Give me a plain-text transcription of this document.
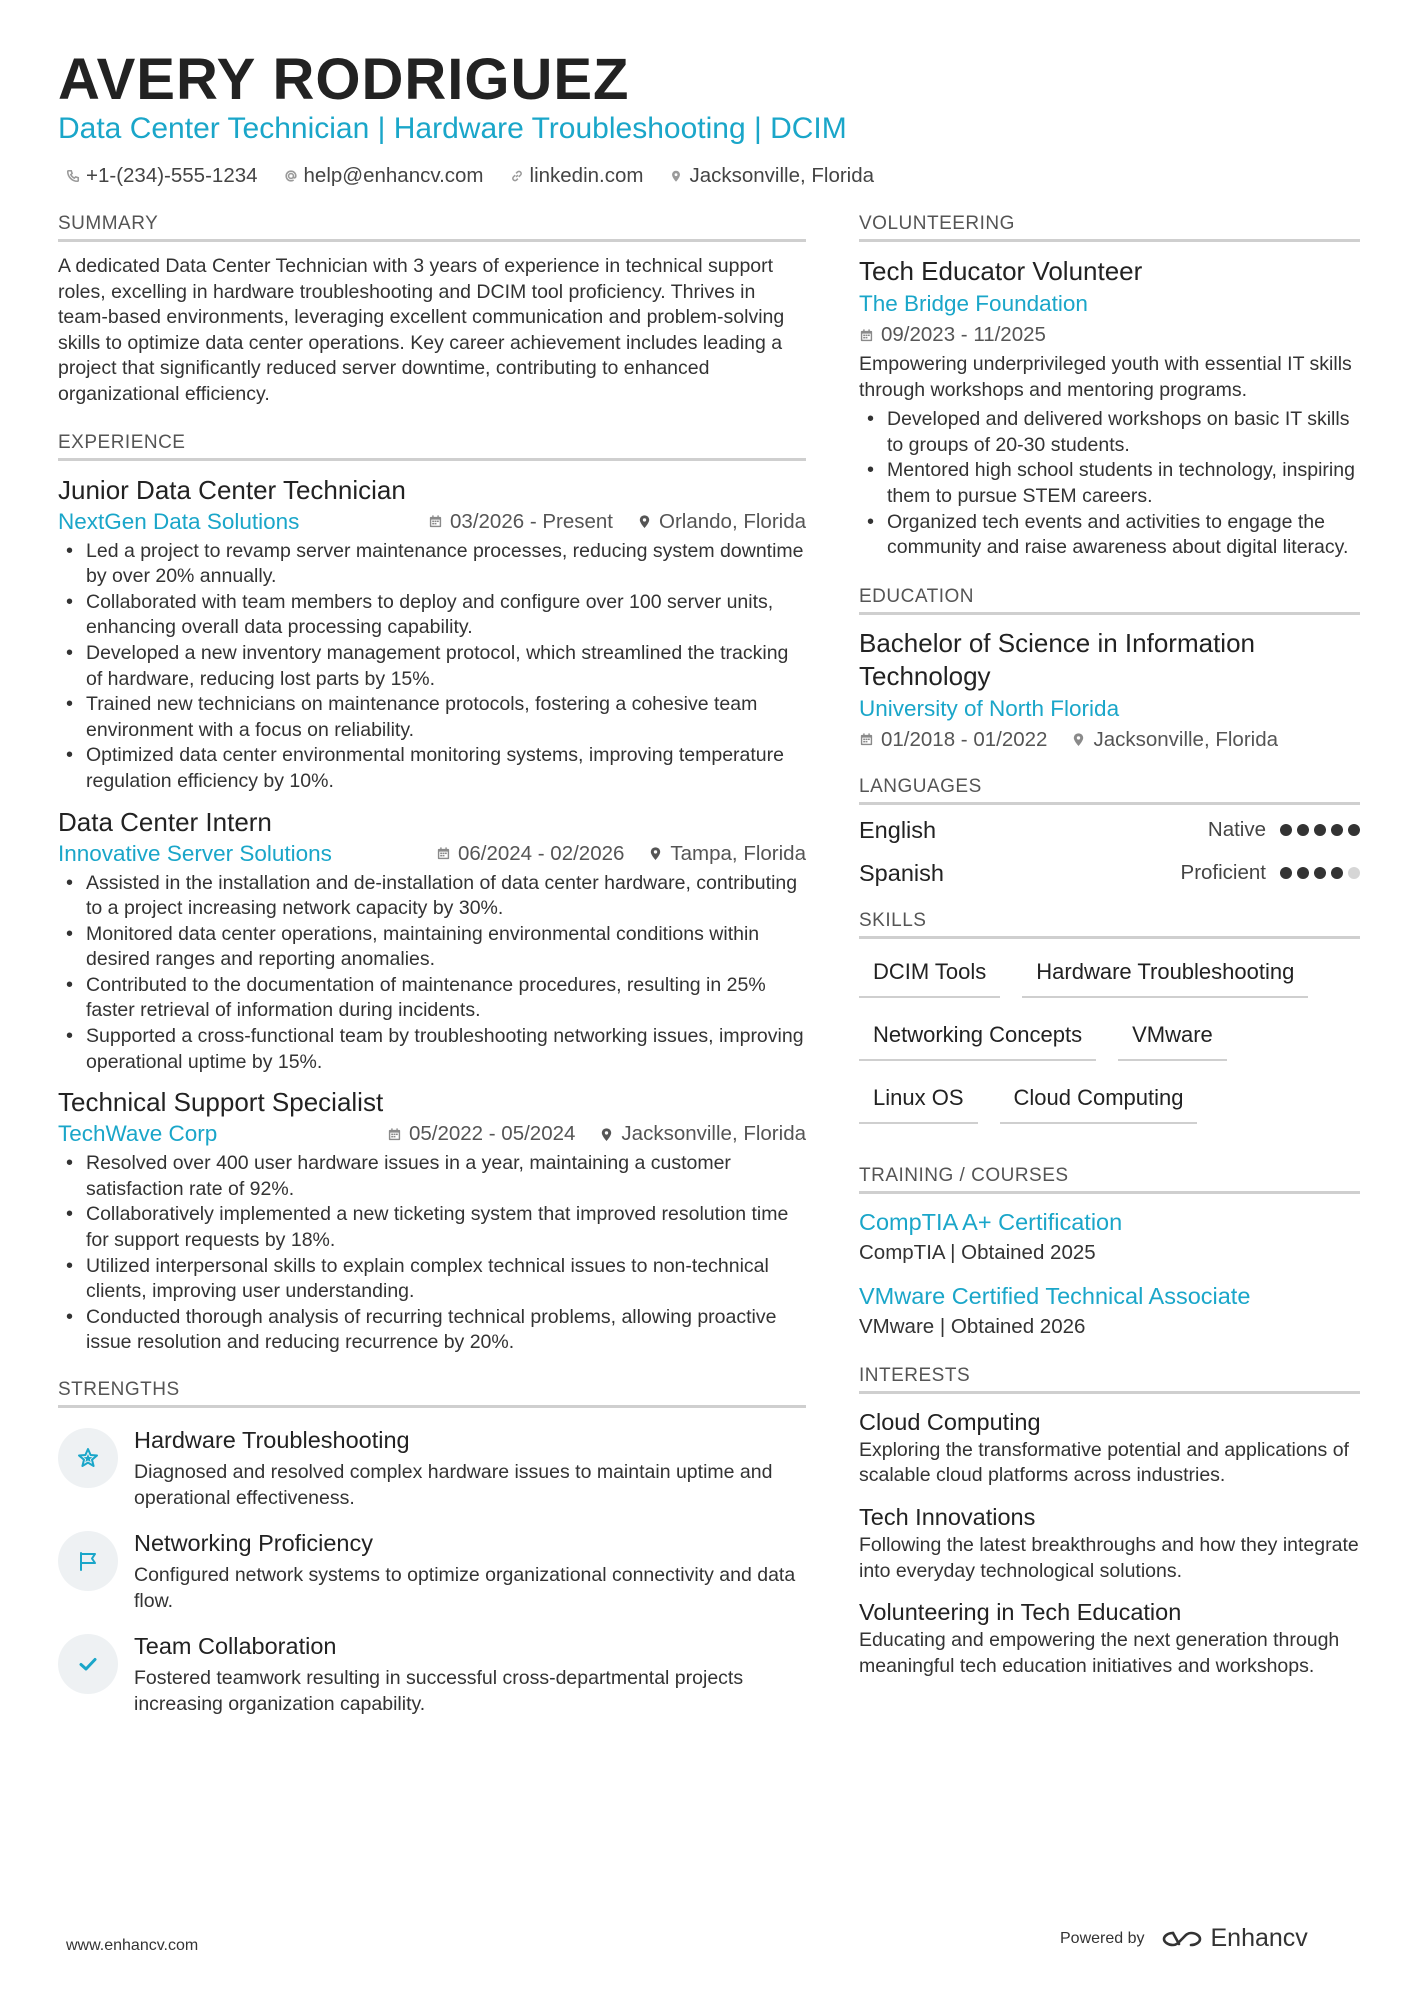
AVERY RODRIGUEZ
Data Center Technician | Hardware Troubleshooting | DCIM
+1-(234)-555-1234 help@enhancv.com linkedin.com Jacksonville, Florida
SUMMARY
A dedicated Data Center Technician with 3 years of experience in technical support roles, excelling in hardware troubleshooting and DCIM tool proficiency. Thrives in team-based environments, leveraging excellent communication and problem-solving skills to optimize data center operations. Key career achievement includes leading a project that significantly reduced server downtime, contributing to enhanced organizational efficiency.
EXPERIENCE
Junior Data Center Technician
NextGen Data Solutions	03/2026 - Present Orlando, Florida
• Led a project to revamp server maintenance processes, reducing system downtime by over 20% annually.
• Collaborated with team members to deploy and configure over 100 server units, enhancing overall data processing capability.
• Developed a new inventory management protocol, which streamlined the tracking of hardware, reducing lost parts by 15%.
• Trained new technicians on maintenance protocols, fostering a cohesive team environment with a focus on reliability.
• Optimized data center environmental monitoring systems, improving temperature regulation efficiency by 10%.
Data Center Intern
Innovative Server Solutions	06/2024 - 02/2026 Tampa, Florida
• Assisted in the installation and de-installation of data center hardware, contributing to a project increasing network capacity by 30%.
• Monitored data center operations, maintaining environmental conditions within desired ranges and reporting anomalies.
• Contributed to the documentation of maintenance procedures, resulting in 25% faster retrieval of information during incidents.
• Supported a cross-functional team by troubleshooting networking issues, improving operational uptime by 15%.
Technical Support Specialist
TechWave Corp	05/2022 - 05/2024 Jacksonville, Florida
• Resolved over 400 user hardware issues in a year, maintaining a customer satisfaction rate of 92%.
• Collaboratively implemented a new ticketing system that improved resolution time for support requests by 18%.
• Utilized interpersonal skills to explain complex technical issues to non-technical clients, improving user understanding.
• Conducted thorough analysis of recurring technical problems, allowing proactive issue resolution and reducing recurrence by 20%.
STRENGTHS
Hardware Troubleshooting
Diagnosed and resolved complex hardware issues to maintain uptime and operational effectiveness.
Networking Proficiency
Configured network systems to optimize organizational connectivity and data flow.
Team Collaboration
Fostered teamwork resulting in successful cross-departmental projects increasing organization capability.
VOLUNTEERING
Tech Educator Volunteer
The Bridge Foundation
09/2023 - 11/2025
Empowering underprivileged youth with essential IT skills through workshops and mentoring programs.
• Developed and delivered workshops on basic IT skills to groups of 20-30 students.
• Mentored high school students in technology, inspiring them to pursue STEM careers.
• Organized tech events and activities to engage the community and raise awareness about digital literacy.
EDUCATION
Bachelor of Science in Information Technology
University of North Florida
01/2018 - 01/2022 Jacksonville, Florida
LANGUAGES
English	Native
Spanish	Proficient
SKILLS
DCIM Tools	Hardware Troubleshooting
Networking Concepts	VMware
Linux OS	Cloud Computing
TRAINING / COURSES
CompTIA A+ Certification
CompTIA | Obtained 2025
VMware Certified Technical Associate
VMware | Obtained 2026
INTERESTS
Cloud Computing
Exploring the transformative potential and applications of scalable cloud platforms across industries.
Tech Innovations
Following the latest breakthroughs and how they integrate into everyday technological solutions.
Volunteering in Tech Education
Educating and empowering the next generation through meaningful tech education initiatives and workshops.
www.enhancv.com	Powered by	Enhancv
